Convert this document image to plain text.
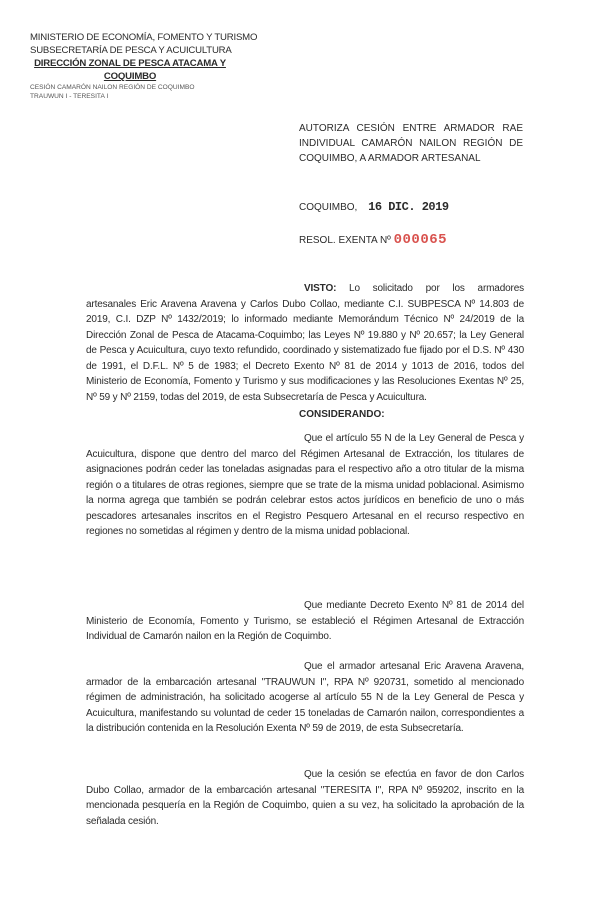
MINISTERIO DE ECONOMÍA, FOMENTO Y TURISMO
SUBSECRETARÍA DE PESCA Y ACUICULTURA
DIRECCIÓN ZONAL DE PESCA ATACAMA Y
COQUIMBO
CESIÓN CAMARÓN NAILON REGIÓN DE COQUIMBO
TRAUWUN I - TERESITA I
AUTORIZA CESIÓN ENTRE ARMADOR RAE INDIVIDUAL CAMARÓN NAILON REGIÓN DE COQUIMBO, A ARMADOR ARTESANAL
COQUIMBO, 16 DIC. 2019
RESOL. EXENTA Nº 000065
VISTO: Lo solicitado por los armadores artesanales Eric Aravena Aravena y Carlos Dubo Collao, mediante C.I. SUBPESCA Nº 14.803 de 2019, C.I. DZP Nº 1432/2019; lo informado mediante Memorándum Técnico Nº 24/2019 de la Dirección Zonal de Pesca de Atacama-Coquimbo; las Leyes Nº 19.880 y Nº 20.657; la Ley General de Pesca y Acuicultura, cuyo texto refundido, coordinado y sistematizado fue fijado por el D.S. Nº 430 de 1991, el D.F.L. Nº 5 de 1983; el Decreto Exento Nº 81 de 2014 y 1013 de 2016, todos del Ministerio de Economía, Fomento y Turismo y sus modificaciones y las Resoluciones Exentas Nº 25, Nº 59 y Nº 2159, todas del 2019, de esta Subsecretaría de Pesca y Acuicultura.
CONSIDERANDO:
Que el artículo 55 N de la Ley General de Pesca y Acuicultura, dispone que dentro del marco del Régimen Artesanal de Extracción, los titulares de asignaciones podrán ceder las toneladas asignadas para el respectivo año a otro titular de la misma región o a titulares de otras regiones, siempre que se trate de la misma unidad poblacional. Asimismo la norma agrega que también se podrán celebrar estos actos jurídicos en beneficio de uno o más pescadores artesanales inscritos en el Registro Pesquero Artesanal en el recurso respectivo en regiones no sometidas al régimen y dentro de la misma unidad poblacional.
Que mediante Decreto Exento Nº 81 de 2014 del Ministerio de Economía, Fomento y Turismo, se estableció el Régimen Artesanal de Extracción Individual de Camarón nailon en la Región de Coquimbo.
Que el armador artesanal Eric Aravena Aravena, armador de la embarcación artesanal "TRAUWUN I", RPA Nº 920731, sometido al mencionado régimen de administración, ha solicitado acogerse al artículo 55 N de la Ley General de Pesca y Acuicultura, manifestando su voluntad de ceder 15 toneladas de Camarón nailon, correspondientes a la distribución contenida en la Resolución Exenta Nº 59 de 2019, de esta Subsecretaría.
Que la cesión se efectúa en favor de don Carlos Dubo Collao, armador de la embarcación artesanal "TERESITA I", RPA Nº 959202, inscrito en la mencionada pesquería en la Región de Coquimbo, quien a su vez, ha solicitado la aprobación de la señalada cesión.
